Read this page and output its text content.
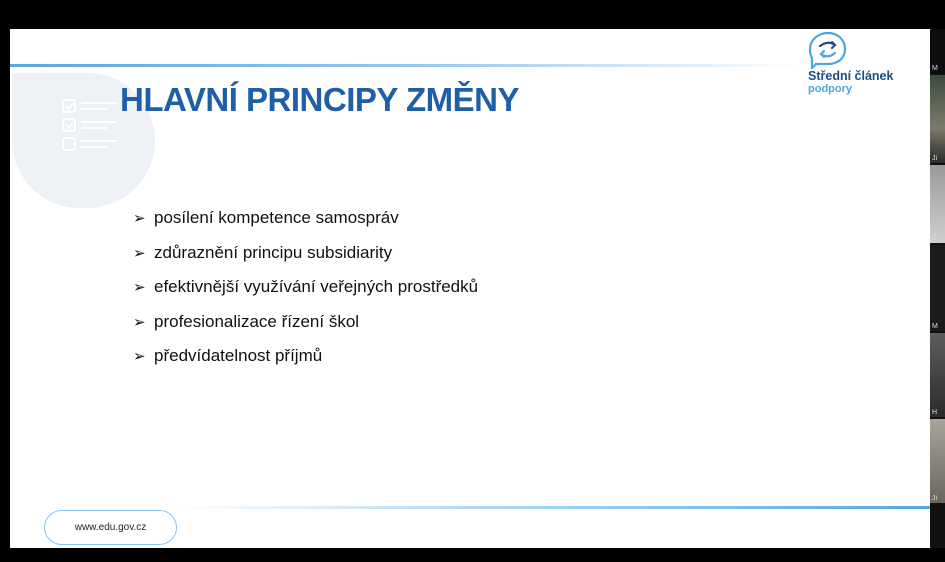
HLAVNÍ PRINCIPY ZMĚNY
➢ posílení kompetence samospráv
➢ zdůraznění principu subsidiarity
➢ efektivnější využívání veřejných prostředků
➢ profesionalizace řízení škol
➢ předvídatelnost příjmů
Střední článek
podpory
www.edu.gov.cz
M
Ji
Č
M
H
Ji
